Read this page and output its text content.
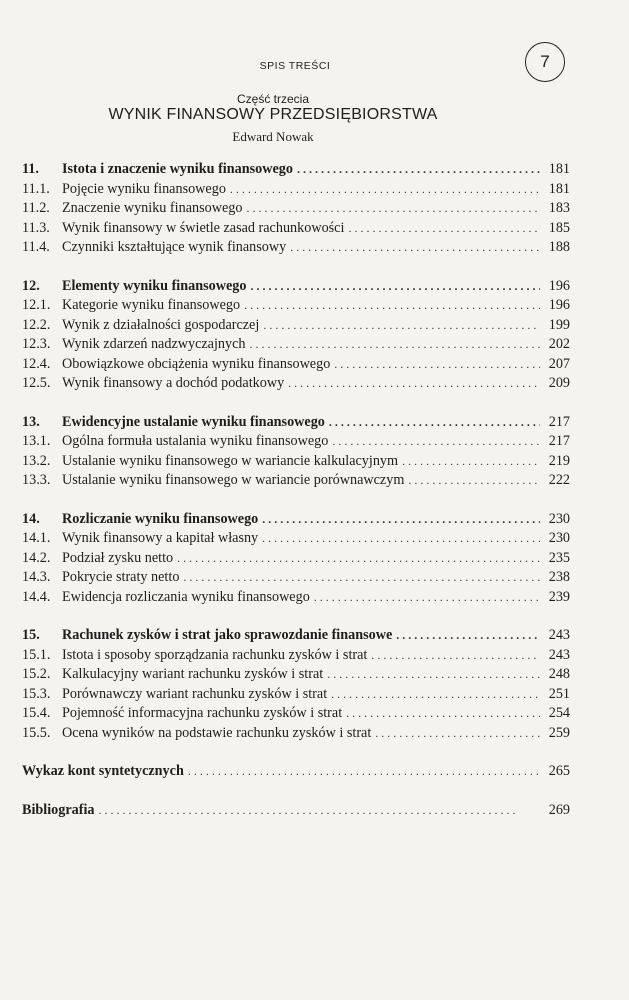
SPIS TREŚCI	7
Część trzecia
WYNIK FINANSOWY PRZEDSIĘBIORSTWA
Edward Nowak
11.	Istota i znaczenie wyniku finansowego . . .	181
11.1. Pojęcie wyniku finansowego . . .	181
11.2. Znaczenie wyniku finansowego . . .	183
11.3. Wynik finansowy w świetle zasad rachunkowości . . .	185
11.4. Czynniki kształtujące wynik finansowy . . .	188
12.	Elementy wyniku finansowego . . .	196
12.1. Kategorie wyniku finansowego . . .	196
12.2. Wynik z działalności gospodarczej . . .	199
12.3. Wynik zdarzeń nadzwyczajnych . . .	202
12.4. Obowiązkowe obciążenia wyniku finansowego . . .	207
12.5. Wynik finansowy a dochód podatkowy . . .	209
13.	Ewidencyjne ustalanie wyniku finansowego . . .	217
13.1. Ogólna formuła ustalania wyniku finansowego . . .	217
13.2. Ustalanie wyniku finansowego w wariancie kalkulacyjnym . . .	219
13.3. Ustalanie wyniku finansowego w wariancie porównawczym . . .	222
14.	Rozliczanie wyniku finansowego . . .	230
14.1. Wynik finansowy a kapitał własny . . .	230
14.2. Podział zysku netto . . .	235
14.3. Pokrycie straty netto . . .	238
14.4. Ewidencja rozliczania wyniku finansowego . . .	239
15.	Rachunek zysków i strat jako sprawozdanie finansowe . . .	243
15.1. Istota i sposoby sporządzania rachunku zysków i strat . . .	243
15.2. Kalkulacyjny wariant rachunku zysków i strat . . .	248
15.3. Porównawczy wariant rachunku zysków i strat . . .	251
15.4. Pojemność informacyjna rachunku zysków i strat . . .	254
15.5. Ocena wyników na podstawie rachunku zysków i strat . . .	259
Wykaz kont syntetycznych . . .	265
Bibliografia . . .	269
